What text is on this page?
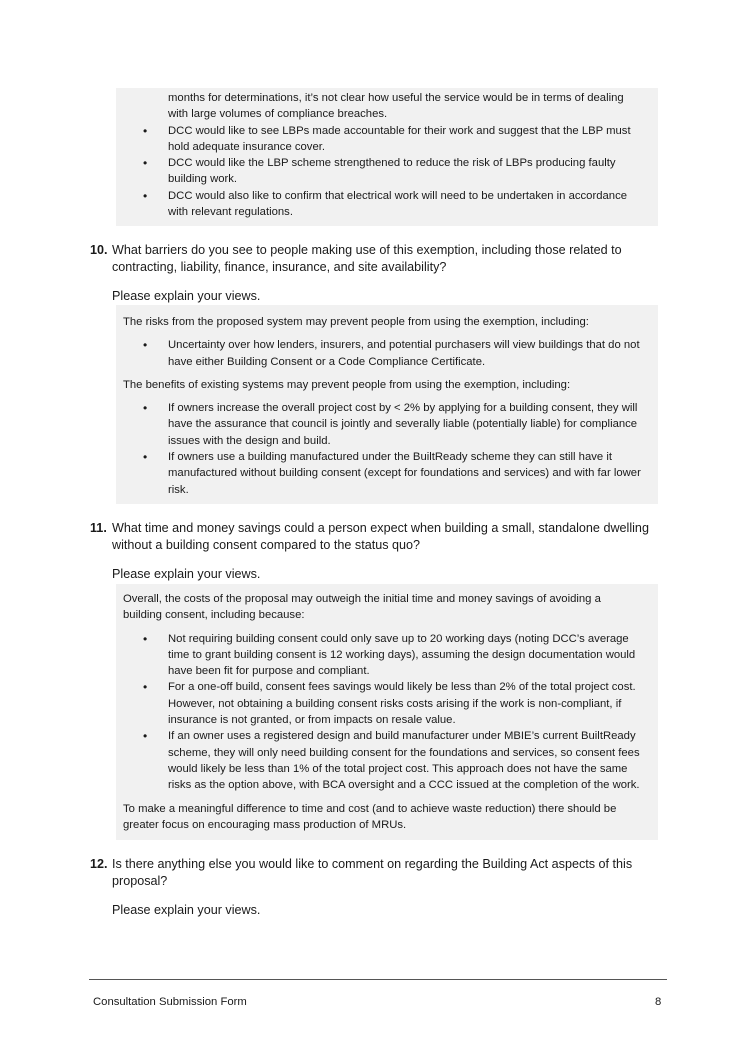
months for determinations, it’s not clear how useful the service would be in terms of dealing with large volumes of compliance breaches.

• DCC would like to see LBPs made accountable for their work and suggest that the LBP must hold adequate insurance cover.
• DCC would like the LBP scheme strengthened to reduce the risk of LBPs producing faulty building work.
• DCC would also like to confirm that electrical work will need to be undertaken in accordance with relevant regulations.
10. What barriers do you see to people making use of this exemption, including those related to contracting, liability, finance, insurance, and site availability?
Please explain your views.

The risks from the proposed system may prevent people from using the exemption, including:

• Uncertainty over how lenders, insurers, and potential purchasers will view buildings that do not have either Building Consent or a Code Compliance Certificate.

The benefits of existing systems may prevent people from using the exemption, including:

• If owners increase the overall project cost by < 2% by applying for a building consent, they will have the assurance that council is jointly and severally liable (potentially liable) for compliance issues with the design and build.
• If owners use a building manufactured under the BuiltReady scheme they can still have it manufactured without building consent (except for foundations and services) and with far lower risk.
11. What time and money savings could a person expect when building a small, standalone dwelling without a building consent compared to the status quo?
Please explain your views.

Overall, the costs of the proposal may outweigh the initial time and money savings of avoiding a building consent, including because:

• Not requiring building consent could only save up to 20 working days (noting DCC’s average time to grant building consent is 12 working days), assuming the design documentation would have been fit for purpose and compliant.
• For a one-off build, consent fees savings would likely be less than 2% of the total project cost. However, not obtaining a building consent risks costs arising if the work is non-compliant, if insurance is not granted, or from impacts on resale value.
• If an owner uses a registered design and build manufacturer under MBIE’s current BuiltReady scheme, they will only need building consent for the foundations and services, so consent fees would likely be less than 1% of the total project cost. This approach does not have the same risks as the option above, with BCA oversight and a CCC issued at the completion of the work.

To make a meaningful difference to time and cost (and to achieve waste reduction) there should be greater focus on encouraging mass production of MRUs.

12. Is there anything else you would like to comment on regarding the Building Act aspects of this proposal?
Please explain your views.
Consultation Submission Form	8
